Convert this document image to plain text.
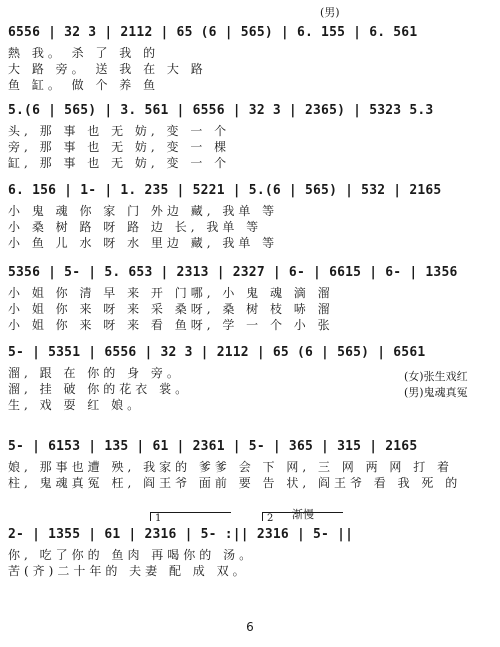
(男)
6556 | 32 3 | 2112 | 65 (6 | 565) | 6. 155 | 6. 561
熱 我。 杀 了 我 的
大 路 旁。 送 我 在 大 路
鱼 缸。 做 个 养 鱼
5.(6 | 565) | 3. 561 | 6556 | 32 3 | 2365) | 5323 5.3
头, 那 事 也 无 妨, 变 一 个
旁, 那 事 也 无 妨, 变 一 棵
缸, 那 事 也 无 妨, 变 一 个
6. 156 | 1- | 1. 235 | 5221 | 5.(6 | 565) | 532 | 2165
小 鬼 魂 你 家 门 外边 藏, 我单 等
小 桑 树 路 呀 路 边 长, 我单 等
小 鱼 儿 水 呀 水 里边 藏, 我单 等
5356 | 5- | 5. 653 | 2313 | 2327 | 6- | 6615 | 6- | 1356
小 姐 你 清 早 来 开 门哪, 小 鬼 魂 滴 溜
小 姐 你 来 呀 来 采 桑呀, 桑 树 枝 哧 溜
小 姐 你 来 呀 来 看 鱼呀, 学 一 个 小 张
5- | 5351 | 6556 | 32 3 | 2112 | 65 (6 | 565) | 6561
溜, 跟 在 你的 身 旁。
溜, 挂 破 你的花衣 裳。
生, 戏 耍 红 娘。
(女)张生戏红
(男)鬼魂真冤
5- | 6153 | 135 | 61 | 2361 | 5- | 365 | 315 | 2165
娘, 那事也遭 殃, 我家的 爹爹 会 下 网, 三 网 两 网 打 着
柱, 鬼魂真冤 枉, 阎王爷 面前 要 告 状, 阎王爷 看 我 死 的
1	2	渐慢
2- | 1355 | 61 | 2316 | 5- :|| 2316 | 5- ||
你, 吃了你的 鱼肉 再喝你的 汤。
苦(齐)二十年的 夫妻 配 成 双。
6
